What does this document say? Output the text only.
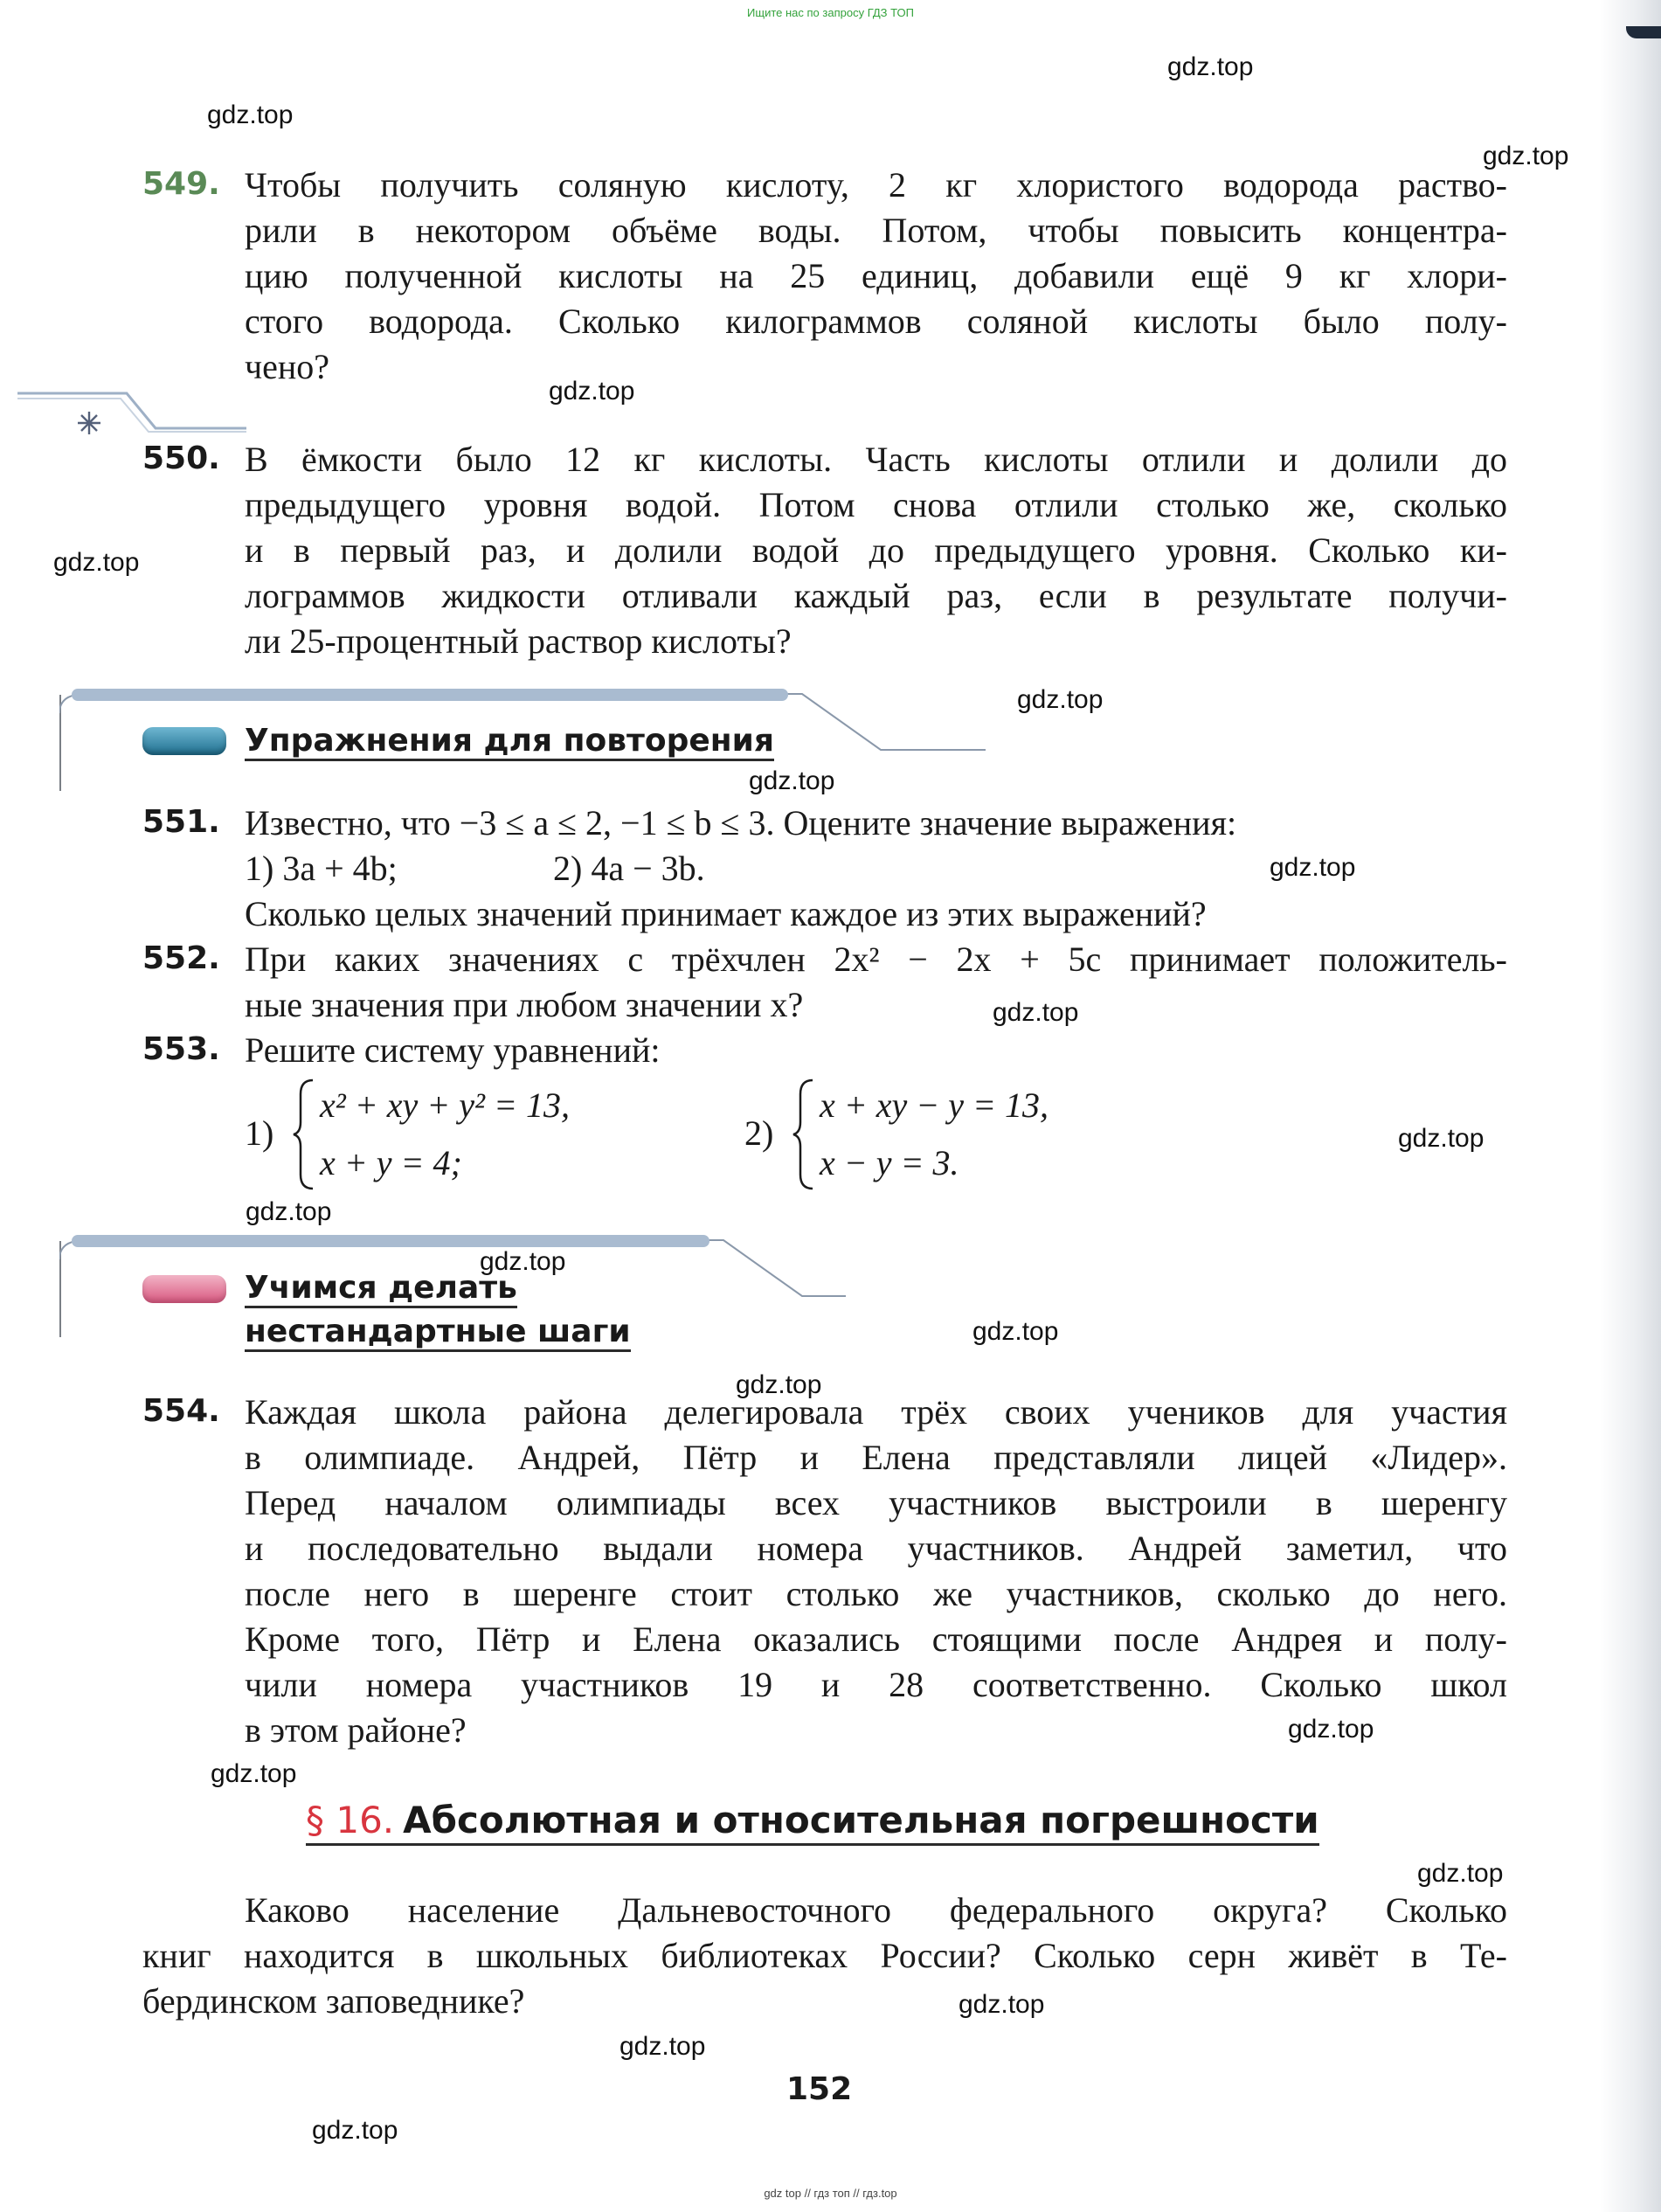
Ищите нас по запросу ГДЗ ТОП
gdz.top
gdz.top
gdz.top
gdz.top
gdz.top
gdz.top
gdz.top
gdz.top
gdz.top
gdz.top
gdz.top
gdz.top
gdz.top
gdz.top
gdz.top
gdz.top
gdz.top
gdz.top
gdz.top
gdz.top
549. Чтобы получить соляную кислоту, 2 кг хлористого водорода раство-
рили в некотором объёме воды. Потом, чтобы повысить концентра-
цию полученной кислоты на 25 единиц, добавили ещё 9 кг хлори-
стого водорода. Сколько килограммов соляной кислоты было полу-
чено?
550. В ёмкости было 12 кг кислоты. Часть кислоты отлили и долили до
предыдущего уровня водой. Потом снова отлили столько же, сколько
и в первый раз, и долили водой до предыдущего уровня. Сколько ки-
лограммов жидкости отливали каждый раз, если в результате получи-
ли 25-процентный раствор кислоты?
Упражнения для повторения
551. Известно, что −3 ≤ a ≤ 2, −1 ≤ b ≤ 3. Оцените значение выражения:
1) 3a + 4b;	2) 4a − 3b.
Сколько целых значений принимает каждое из этих выражений?
552. При каких значениях c трёхчлен 2x² − 2x + 5c принимает положитель-
ные значения при любом значении x?
553. Решите систему уравнений:
1)
x² + xy + y² = 13,
x + y = 4;
2)
x + xy − y = 13,
x − y = 3.
Учимся делать
нестандартные шаги
554. Каждая школа района делегировала трёх своих учеников для участия
в олимпиаде. Андрей, Пётр и Елена представляли лицей «Лидер».
Перед началом олимпиады всех участников выстроили в шеренгу
и последовательно выдали номера участников. Андрей заметил, что
после него в шеренге стоит столько же участников, сколько до него.
Кроме того, Пётр и Елена оказались стоящими после Андрея и полу-
чили номера участников 19 и 28 соответственно. Сколько школ
в этом районе?
§ 16. Абсолютная и относительная погрешности
Каково население Дальневосточного федерального округа? Сколько
книг находится в школьных библиотеках России? Сколько серн живёт в Те-
бердинском заповеднике?
152
gdz top // гдз топ // гдз.top
